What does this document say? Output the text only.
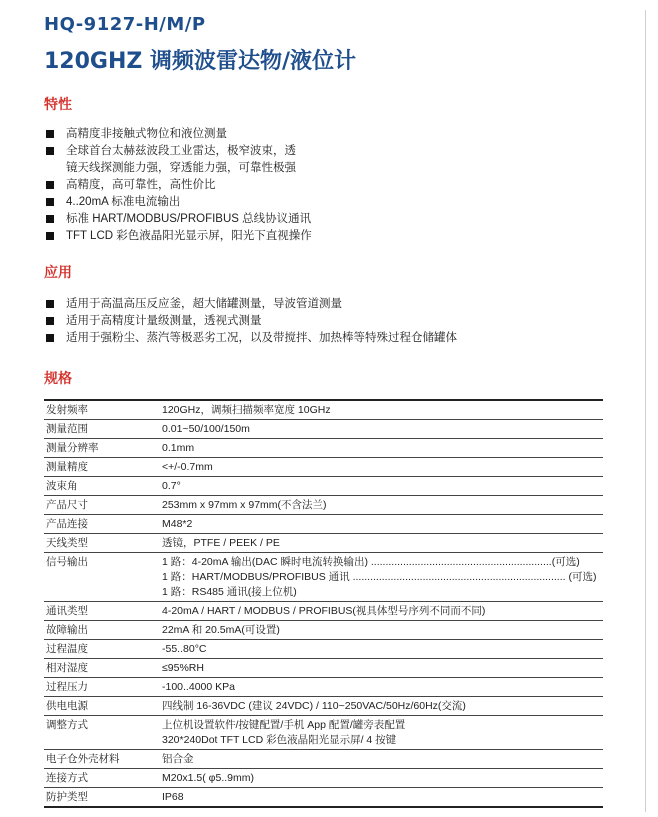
HQ-9127-H/M/P
120GHZ 调频波雷达物/液位计
特性
高精度非接触式物位和液位测量
全球首台太赫兹波段工业雷达，极窄波束，透
镜天线探测能力强，穿透能力强，可靠性极强
高精度，高可靠性，高性价比
4..20mA 标准电流输出
标准 HART/MODBUS/PROFIBUS 总线协议通讯
TFT LCD 彩色液晶阳光显示屏，阳光下直视操作
应用
适用于高温高压反应釜，超大储罐测量，导波管道测量
适用于高精度计量级测量，透视式测量
适用于强粉尘、蒸汽等极恶劣工况，以及带搅拌、加热棒等特殊过程仓储罐体
规格
发射频率	120GHz，调频扫描频率宽度 10GHz

测量范围	0.01~50/100/150m

测量分辨率	0.1mm

测量精度	<+/-0.7mm

波束角	0.7°

产品尺寸	253mm x 97mm x 97mm(不含法兰)

产品连接	M48*2

天线类型	透镜，PTFE / PEEK / PE

信号输出	1 路：4-20mA 输出(DAC 瞬时电流转换输出) ..............................................................(可选)
1 路：HART/MODBUS/PROFIBUS 通讯 ......................................................................... (可选)
1 路：RS485 通讯(接上位机)

通讯类型	4-20mA / HART / MODBUS / PROFIBUS(视具体型号序列不同而不同)

故障输出	22mA 和 20.5mA(可设置)

过程温度	-55..80°C

相对湿度	≤95%RH

过程压力	-100..4000 KPa

供电电源	四线制 16-36VDC (建议 24VDC) / 110~250VAC/50Hz/60Hz(交流)

调整方式	上位机设置软件/按键配置/手机 App 配置/罐旁表配置
320*240Dot TFT LCD 彩色液晶阳光显示屏/ 4 按键

电子仓外壳材料	铝合金

连接方式	M20x1.5( φ5..9mm)

防护类型	IP68
